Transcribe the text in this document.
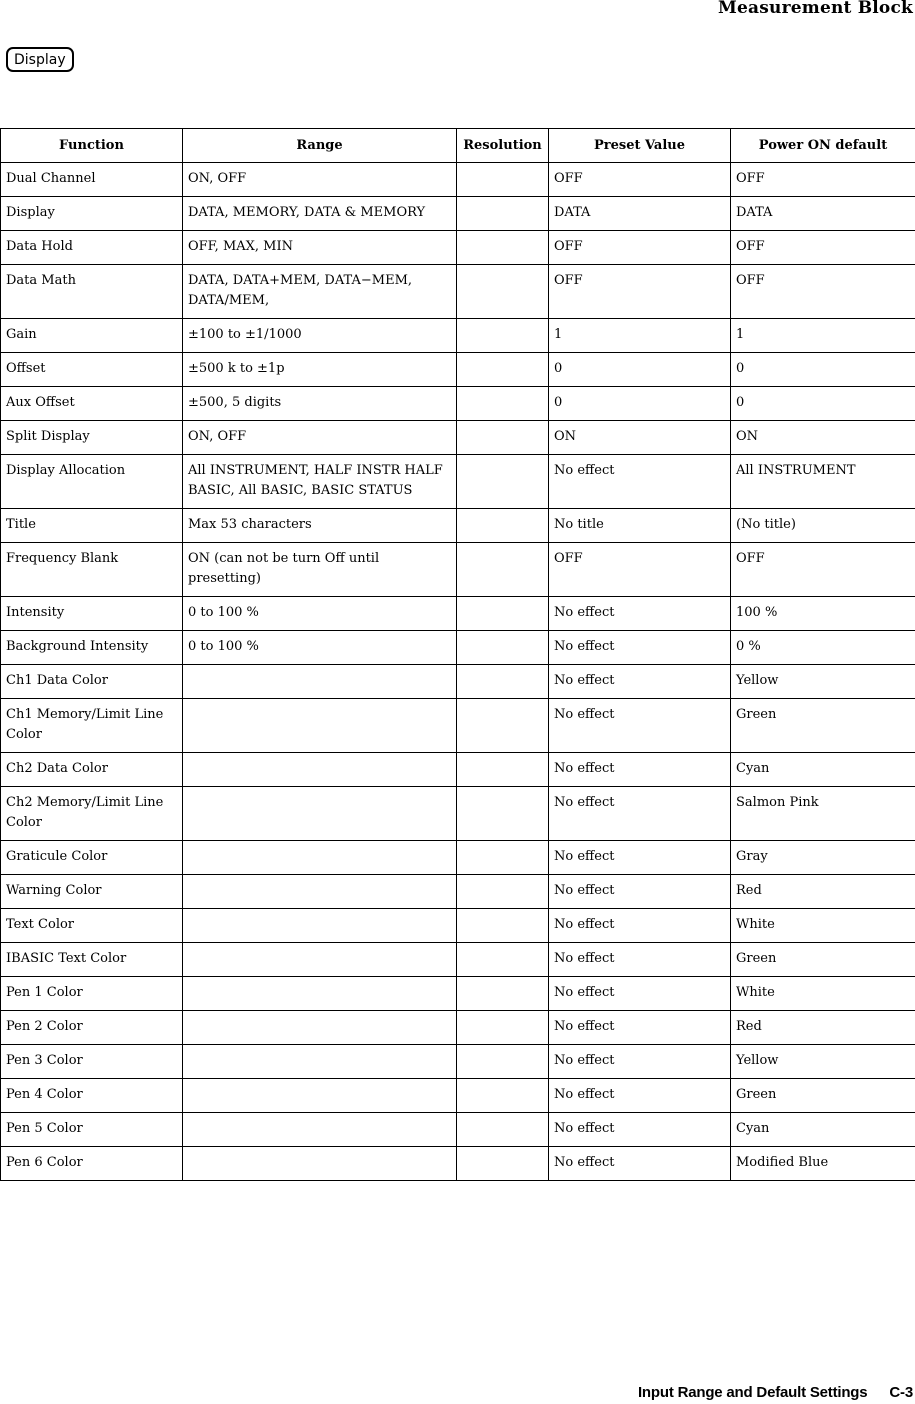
Measurement Block
Display
Function	Range	Resolution	Preset Value	Power ON default
Dual Channel	ON, OFF		OFF	OFF
Display	DATA, MEMORY, DATA & MEMORY		DATA	DATA
Data Hold	OFF, MAX, MIN		OFF	OFF
Data Math	DATA, DATA+MEM, DATA−MEM, DATA/MEM,		OFF	OFF
Gain	±100 to ±1/1000		1	1
Offset	±500 k to ±1p		0	0
Aux Offset	±500, 5 digits		0	0
Split Display	ON, OFF		ON	ON
Display Allocation	All INSTRUMENT, HALF INSTR HALF BASIC, All BASIC, BASIC STATUS		No effect	All INSTRUMENT
Title	Max 53 characters		No title	(No title)
Frequency Blank	ON (can not be turn Off until presetting)		OFF	OFF
Intensity	0 to 100 %		No effect	100 %
Background Intensity	0 to 100 %		No effect	0 %
Ch1 Data Color			No effect	Yellow
Ch1 Memory/Limit Line Color			No effect	Green
Ch2 Data Color			No effect	Cyan
Ch2 Memory/Limit Line Color			No effect	Salmon Pink
Graticule Color			No effect	Gray
Warning Color			No effect	Red
Text Color			No effect	White
IBASIC Text Color			No effect	Green
Pen 1 Color			No effect	White
Pen 2 Color			No effect	Red
Pen 3 Color			No effect	Yellow
Pen 4 Color			No effect	Green
Pen 5 Color			No effect	Cyan
Pen 6 Color			No effect	Modified Blue
Input Range and Default Settings C-3
